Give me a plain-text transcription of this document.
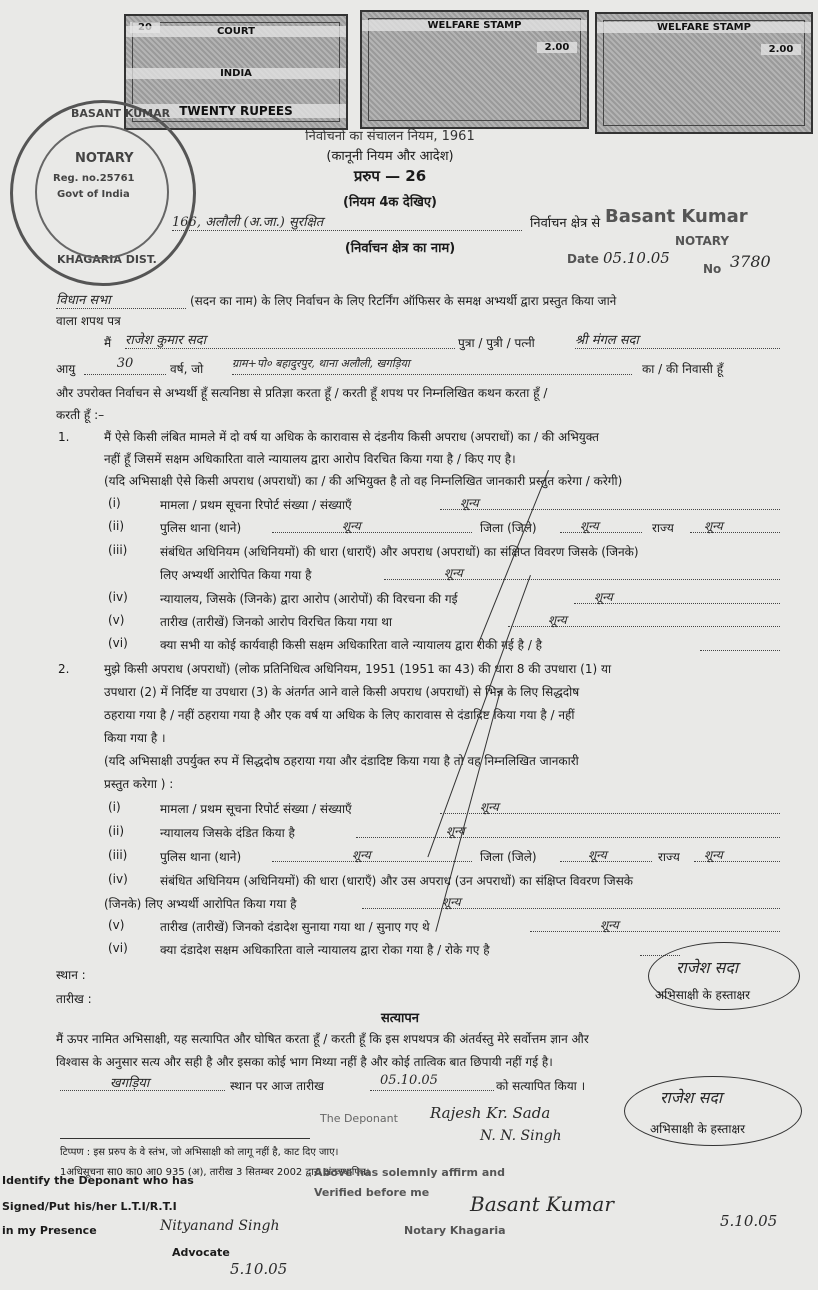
COURT
INDIA
TWENTY RUPEES
WELFARE STAMP
2.00
WELFARE STAMP
2.00
BASANT KUMAR
NOTARY
Reg. no.25761
Govt of India
KHAGARIA DIST.
निर्वाचनों का संचालन नियम, 1961
(कानूनी नियम और आदेश)
प्ररुप — 26
(नियम 4क देखिए)
166, अलौली (अ.जा.) सुरक्षित	निर्वाचन क्षेत्र से
(निर्वाचन क्षेत्र का नाम)
Basant Kumar
NOTARY
Date 05.10.05
No 3780
विधान सभा	(सदन का नाम) के लिए निर्वाचन के लिए रिटर्निंग ऑफिसर के समक्ष अभ्यर्थी द्वारा प्रस्तुत किया जाने
वाला शपथ पत्र
मैं राजेश कुमार सदा	पुत्रा / पुत्री / पत्नी	श्री मंगल सदा
आयु	30	वर्ष, जो	ग्राम+पो० बहादुरपुर, थाना अलौली, खगड़िया	का / की निवासी हूँ
और उपरोक्त निर्वाचन से अभ्यर्थी हूँ सत्यनिष्ठा से प्रतिज्ञा करता हूँ / करती हूँ शपथ पर निम्नलिखित कथन करता हूँ /
करती हूँ :–
1.	मैं ऐसे किसी लंबित मामले में दो वर्ष या अधिक के कारावास से दंडनीय किसी अपराध (अपराधों) का / की अभियुक्त
नहीं हूँ जिसमें सक्षम अधिकारिता वाले न्यायालय द्वारा आरोप विरचित किया गया है / किए गए है।
(यदि अभिसाक्षी ऐसे किसी अपराध (अपराधों) का / की अभियुक्त है तो वह निम्नलिखित जानकारी प्रस्तुत करेगा / करेगी)
(i)	मामला / प्रथम सूचना रिपोर्ट संख्या / संख्याएँ	शून्य
(ii)	पुलिस थाना (थाने)	शून्य	जिला (जिले)	शून्य	राज्य	शून्य
(iii)	संबंधित अधिनियम (अधिनियमों) की धारा (धाराएँ) और अपराध (अपराधों) का संक्षिप्त विवरण जिसके (जिनके)
लिए अभ्यर्थी आरोपित किया गया है	शून्य
(iv)	न्यायालय, जिसके (जिनके) द्वारा आरोप (आरोपों) की विरचना की गई	शून्य
(v)	तारीख (तारीखें) जिनको आरोप विरचित किया गया था	शून्य
(vi)	क्या सभी या कोई कार्यवाही किसी सक्षम अधिकारिता वाले न्यायालय द्वारा रोकी गई है / है
2.	मुझे किसी अपराध (अपराधों) (लोक प्रतिनिधित्व अधिनियम, 1951 (1951 का 43) की धारा 8 की उपधारा (1) या
उपधारा (2) में निर्दिष्ट या उपधारा (3) के अंतर्गत आने वाले किसी अपराध (अपराधों) से भिन्न के लिए सिद्धदोष
ठहराया गया है / नहीं ठहराया गया है और एक वर्ष या अधिक के लिए कारावास से दंडादिष्ट किया गया है / नहीं
किया गया है ।
(यदि अभिसाक्षी उपर्युक्त रुप में सिद्धदोष ठहराया गया और दंडादिष्ट किया गया है तो वह निम्नलिखित जानकारी
प्रस्तुत करेगा ) :
(i)	मामला / प्रथम सूचना रिपोर्ट संख्या / संख्याएँ	शून्य
(ii)	न्यायालय जिसके दंडित किया है	शून्य
(iii)	पुलिस थाना (थाने)	शून्य	जिला (जिले)	शून्य	राज्य	शून्य
(iv)	संबंधित अधिनियम (अधिनियमों) की धारा (धाराएँ) और उस अपराध (उन अपराधों) का संक्षिप्त विवरण जिसके
(जिनके) लिए अभ्यर्थी आरोपित किया गया है	शून्य
(v)	तारीख (तारीखें) जिनको दंडादेश सुनाया गया था / सुनाए गए थे	शून्य
(vi)	क्या दंडादेश सक्षम अधिकारिता वाले न्यायालय द्वारा रोका गया है / रोके गए है
स्थान :
तारीख :
राजेश सदा
अभिसाक्षी के हस्ताक्षर
सत्यापन
मैं ऊपर नामित अभिसाक्षी, यह सत्यापित और घोषित करता हूँ / करती हूँ कि इस शपथपत्र की अंतर्वस्तु मेरे सर्वोत्तम ज्ञान और
विश्वास के अनुसार सत्य और सही है और इसका कोई भाग मिथ्या नहीं है और कोई तात्विक बात छिपायी नहीं गई है।
खगड़िया	स्थान पर आज तारीख	05.10.05	को सत्यापित किया ।
राजेश सदा
अभिसाक्षी के हस्ताक्षर
The Deponant Rajesh Kr. Sada
N. N. Singh
टिप्पण : इस प्ररुप के वे स्तंभ, जो अभिसाक्षी को लागू नहीं है, काट दिए जाए।
1अधिसूचना सा0 का0 आ0 935 (अ), तारीख 3 सितम्बर 2002 द्वारा अंतःस्थापित।
Above has solemnly affirm and
Verified before me
Notary Khagaria
Basant Kumar
5.10.05
Identify the Deponant who has
Signed/Put his/her L.T.I/R.T.I
in my Presence	Nityanand Singh
Advocate
5.10.05
